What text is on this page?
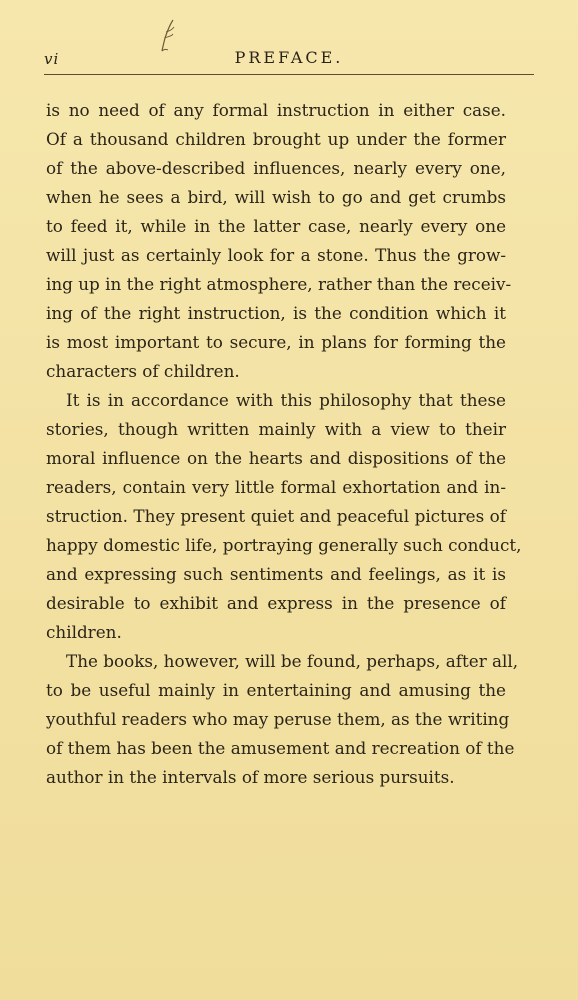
vi	PREFACE.
is no need of any formal instruction in either case.
Of a thousand children brought up under the former
of the above-described influences, nearly every one,
when he sees a bird, will wish to go and get crumbs
to feed it, while in the latter case, nearly every one
will just as certainly look for a stone. Thus the grow-
ing up in the right atmosphere, rather than the receiv-
ing of the right instruction, is the condition which it
is most important to secure, in plans for forming the
characters of children.
It is in accordance with this philosophy that these
stories, though written mainly with a view to their
moral influence on the hearts and dispositions of the
readers, contain very little formal exhortation and in-
struction. They present quiet and peaceful pictures of
happy domestic life, portraying generally such conduct,
and expressing such sentiments and feelings, as it is
desirable to exhibit and express in the presence of
children.
The books, however, will be found, perhaps, after all,
to be useful mainly in entertaining and amusing the
youthful readers who may peruse them, as the writing
of them has been the amusement and recreation of the
author in the intervals of more serious pursuits.
